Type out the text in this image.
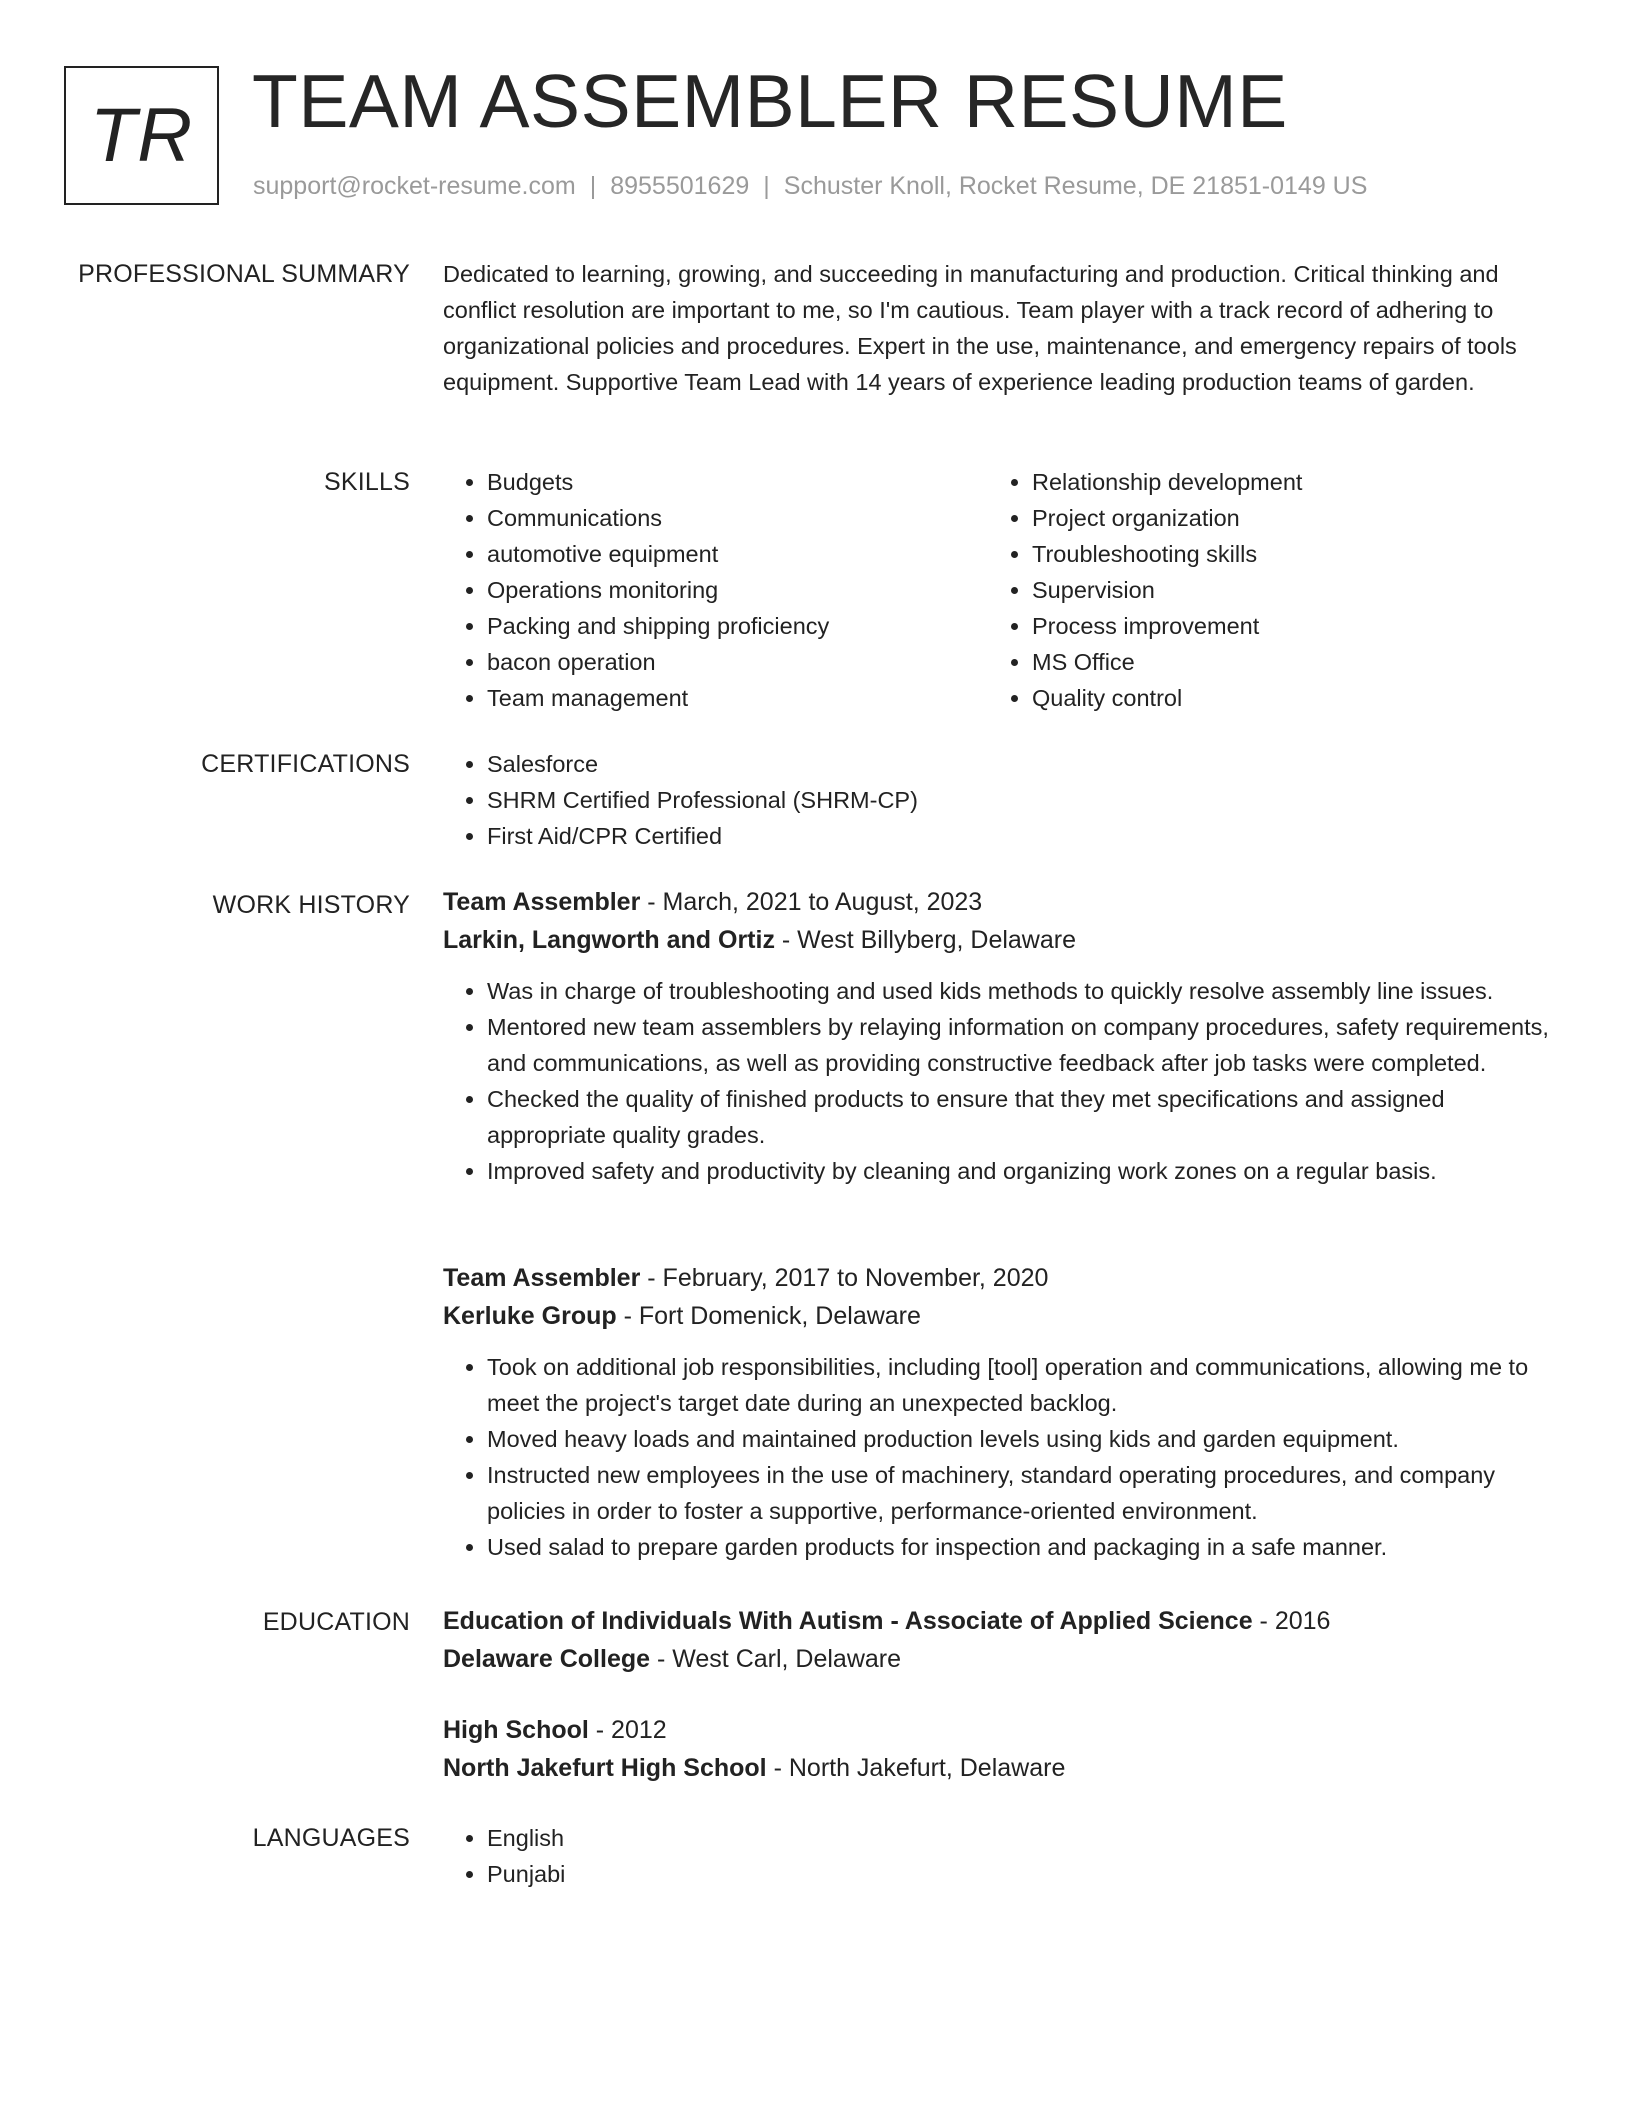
TR TEAM ASSEMBLER RESUME
support@rocket-resume.com | 8955501629 | Schuster Knoll, Rocket Resume, DE 21851-0149 US
PROFESSIONAL SUMMARY Dedicated to learning, growing, and succeeding in manufacturing and production. Critical thinking and conflict resolution are important to me, so I'm cautious. Team player with a track record of adhering to organizational policies and procedures. Expert in the use, maintenance, and emergency repairs of tools equipment. Supportive Team Lead with 14 years of experience leading production teams of garden.
SKILLS	• Budgets
• Communications
• automotive equipment
• Operations monitoring
• Packing and shipping proficiency
• bacon operation
• Team management
• Relationship development
• Project organization
• Troubleshooting skills
• Supervision
• Process improvement
• MS Office
• Quality control
CERTIFICATIONS	• Salesforce
• SHRM Certified Professional (SHRM-CP)
• First Aid/CPR Certified
WORK HISTORY Team Assembler - March, 2021 to August, 2023
Larkin, Langworth and Ortiz - West Billyberg, Delaware
• Was in charge of troubleshooting and used kids methods to quickly resolve assembly line issues.
• Mentored new team assemblers by relaying information on company procedures, safety requirements, and communications, as well as providing constructive feedback after job tasks were completed.
• Checked the quality of finished products to ensure that they met specifications and assigned appropriate quality grades.
• Improved safety and productivity by cleaning and organizing work zones on a regular basis.
Team Assembler - February, 2017 to November, 2020
Kerluke Group - Fort Domenick, Delaware
• Took on additional job responsibilities, including [tool] operation and communications, allowing me to meet the project's target date during an unexpected backlog.
• Moved heavy loads and maintained production levels using kids and garden equipment.
• Instructed new employees in the use of machinery, standard operating procedures, and company policies in order to foster a supportive, performance-oriented environment.
• Used salad to prepare garden products for inspection and packaging in a safe manner.
EDUCATION Education of Individuals With Autism - Associate of Applied Science - 2016
Delaware College - West Carl, Delaware
High School - 2012
North Jakefurt High School - North Jakefurt, Delaware
LANGUAGES	• English
• Punjabi
